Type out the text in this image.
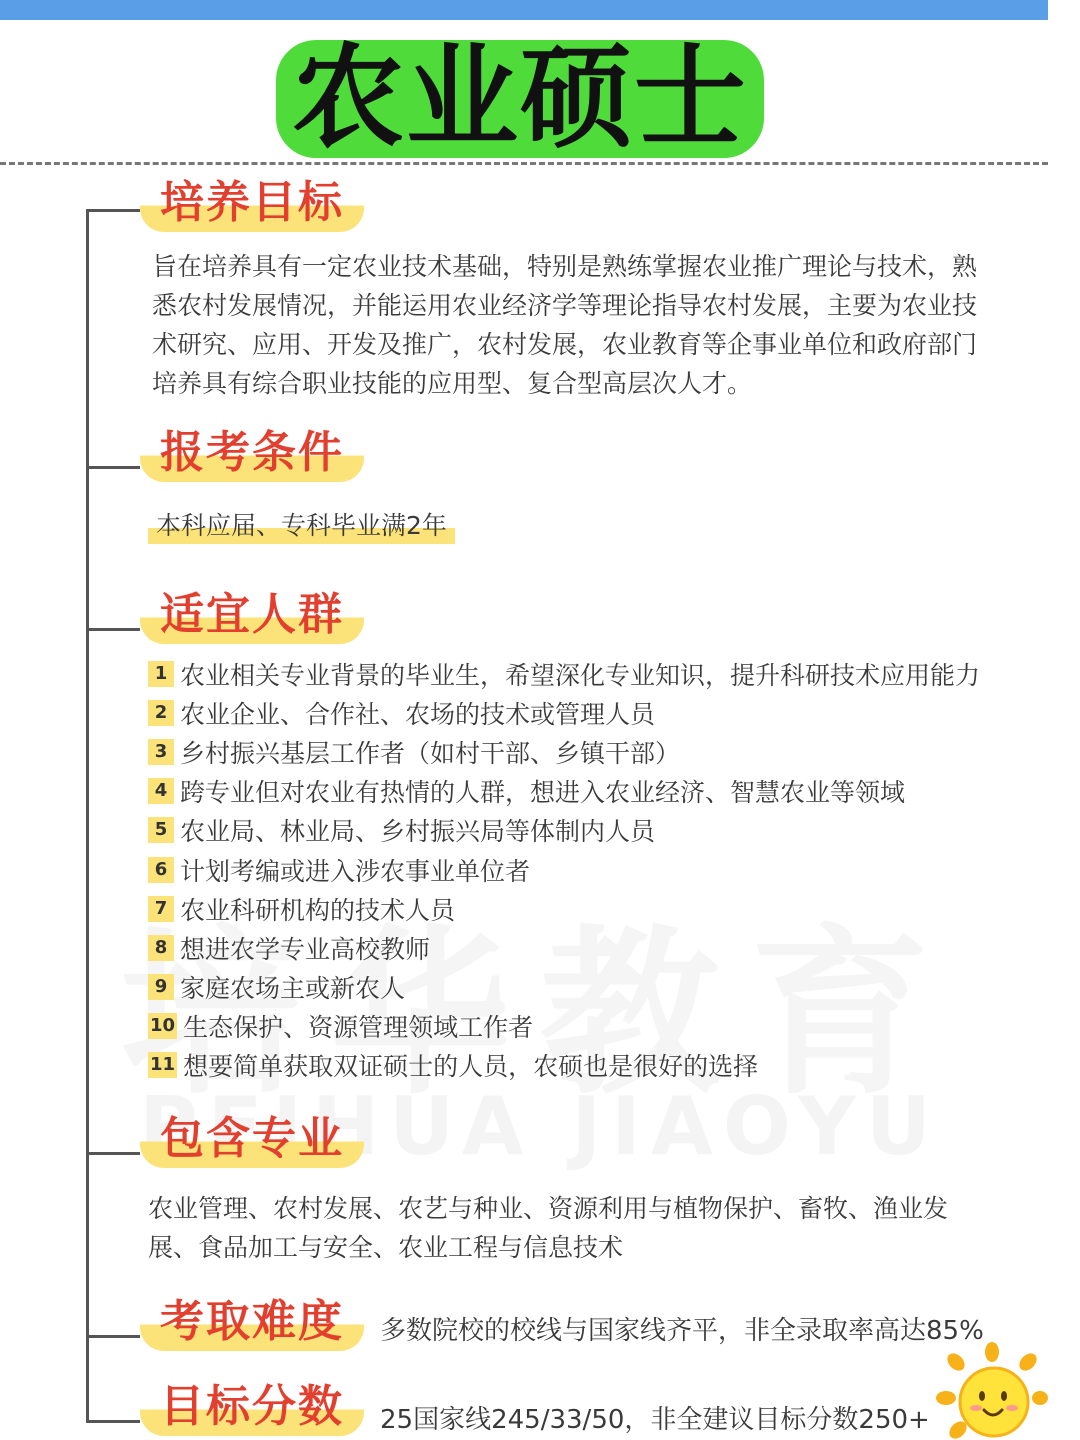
农业硕士
培养目标
旨在培养具有一定农业技术基础，特别是熟练掌握农业推广理论与技术，熟
悉农村发展情况，并能运用农业经济学等理论指导农村发展，主要为农业技
术研究、应用、开发及推广，农村发展，农业教育等企事业单位和政府部门
培养具有综合职业技能的应用型、复合型高层次人才。
报考条件
本科应届、专科毕业满2年
适宜人群
1 农业相关专业背景的毕业生，希望深化专业知识，提升科研技术应用能力
2 农业企业、合作社、农场的技术或管理人员
3 乡村振兴基层工作者（如村干部、乡镇干部）
4 跨专业但对农业有热情的人群，想进入农业经济、智慧农业等领域
5 农业局、林业局、乡村振兴局等体制内人员
6 计划考编或进入涉农事业单位者
7 农业科研机构的技术人员
8 想进农学专业高校教师
9 家庭农场主或新农人
10 生态保护、资源管理领域工作者
11 想要简单获取双证硕士的人员，农硕也是很好的选择
包含专业
农业管理、农村发展、农艺与种业、资源利用与植物保护、畜牧、渔业发
展、食品加工与安全、农业工程与信息技术
考取难度 多数院校的校线与国家线齐平，非全录取率高达85%
目标分数 25国家线245/33/50，非全建议目标分数250+
